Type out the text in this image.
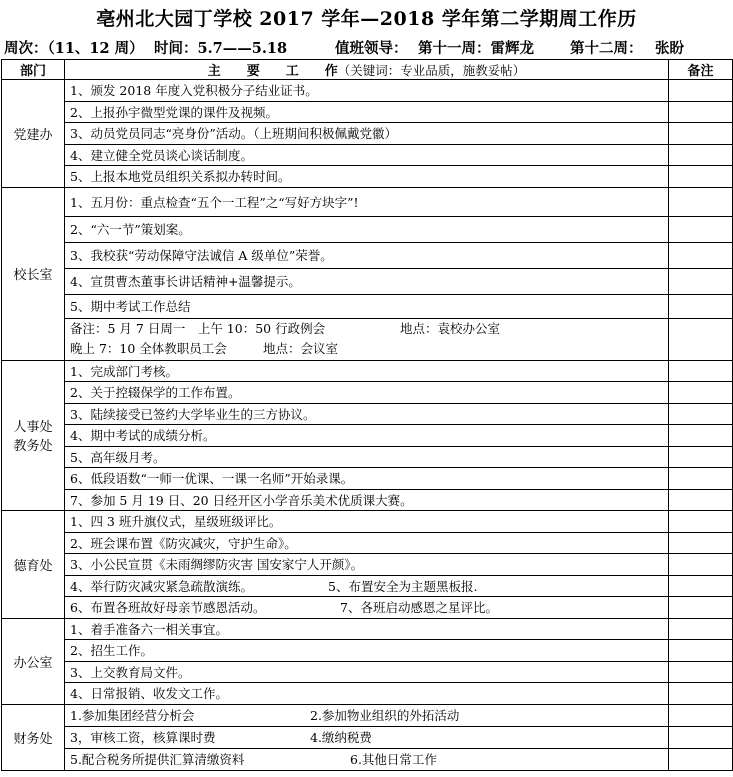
亳州北大园丁学校 2017 学年—2018 学年第二学期周工作历
周次：（11、12 周） 时间：5.7——5.18	值班领导： 第十一周：雷辉龙 第十二周： 张盼
部门	主　　要　　工　　作（关键词：专业品质，施教妥帖）	备注
党建办	1、颁发 2018 年度入党积极分子结业证书。	
	2、上报孙宇微型党课的课件及视频。	
	3、动员党员同志“亮身份”活动。（上班期间积极佩戴党徽）	
	4、建立健全党员谈心谈话制度。	
	5、上报本地党员组织关系拟办转时间。	
校长室	1、五月份：重点检查“五个一工程”之“写好方块字”!	
	2、“六一节”策划案。	
	3、我校获“劳动保障守法诚信 A 级单位”荣誉。	
	4、宣贯曹杰董事长讲话精神+温馨提示。	
	5、期中考试工作总结	

	备注：5 月 7 日周一　上午 10：50 行政例会 地点：袁校办公室
晚上 7：10 全体教职员工会 地点：会议室	

人事处
教务处	1、完成部门考核。	
	2、关于控辍保学的工作布置。	
	3、陆续接受已签约大学毕业生的三方协议。	
	4、期中考试的成绩分析。	
	5、高年级月考。	
	6、低段语数“一师一优课、一课一名师”开始录课。	
	7、参加 5 月 19 日、20 日经开区小学音乐美术优质课大赛。	
德育处	1、四 3 班升旗仪式，星级班级评比。	
	2、班会课布置《防灾减灾，守护生命》。	
	3、小公民宣贯《未雨绸缪防灾害 国安家宁人开颜》。	

	4、举行防灾减灾紧急疏散演练。 5、布置安全为主题黑板报.	

	6、布置各班故好母亲节感恩活动。 7、各班启动感恩之星评比。	

办公室	1、着手准备六一相关事宜。	
	2、招生工作。	
	3、上交教育局文件。	
	4、日常报销、收发文工作。	
财务处	1.参加集团经营分析会 2.参加物业组织的外拓活动	

	3，审核工资，核算课时费 4.缴纳税费	

	5.配合税务所提供汇算清缴资料 6.其他日常工作	
